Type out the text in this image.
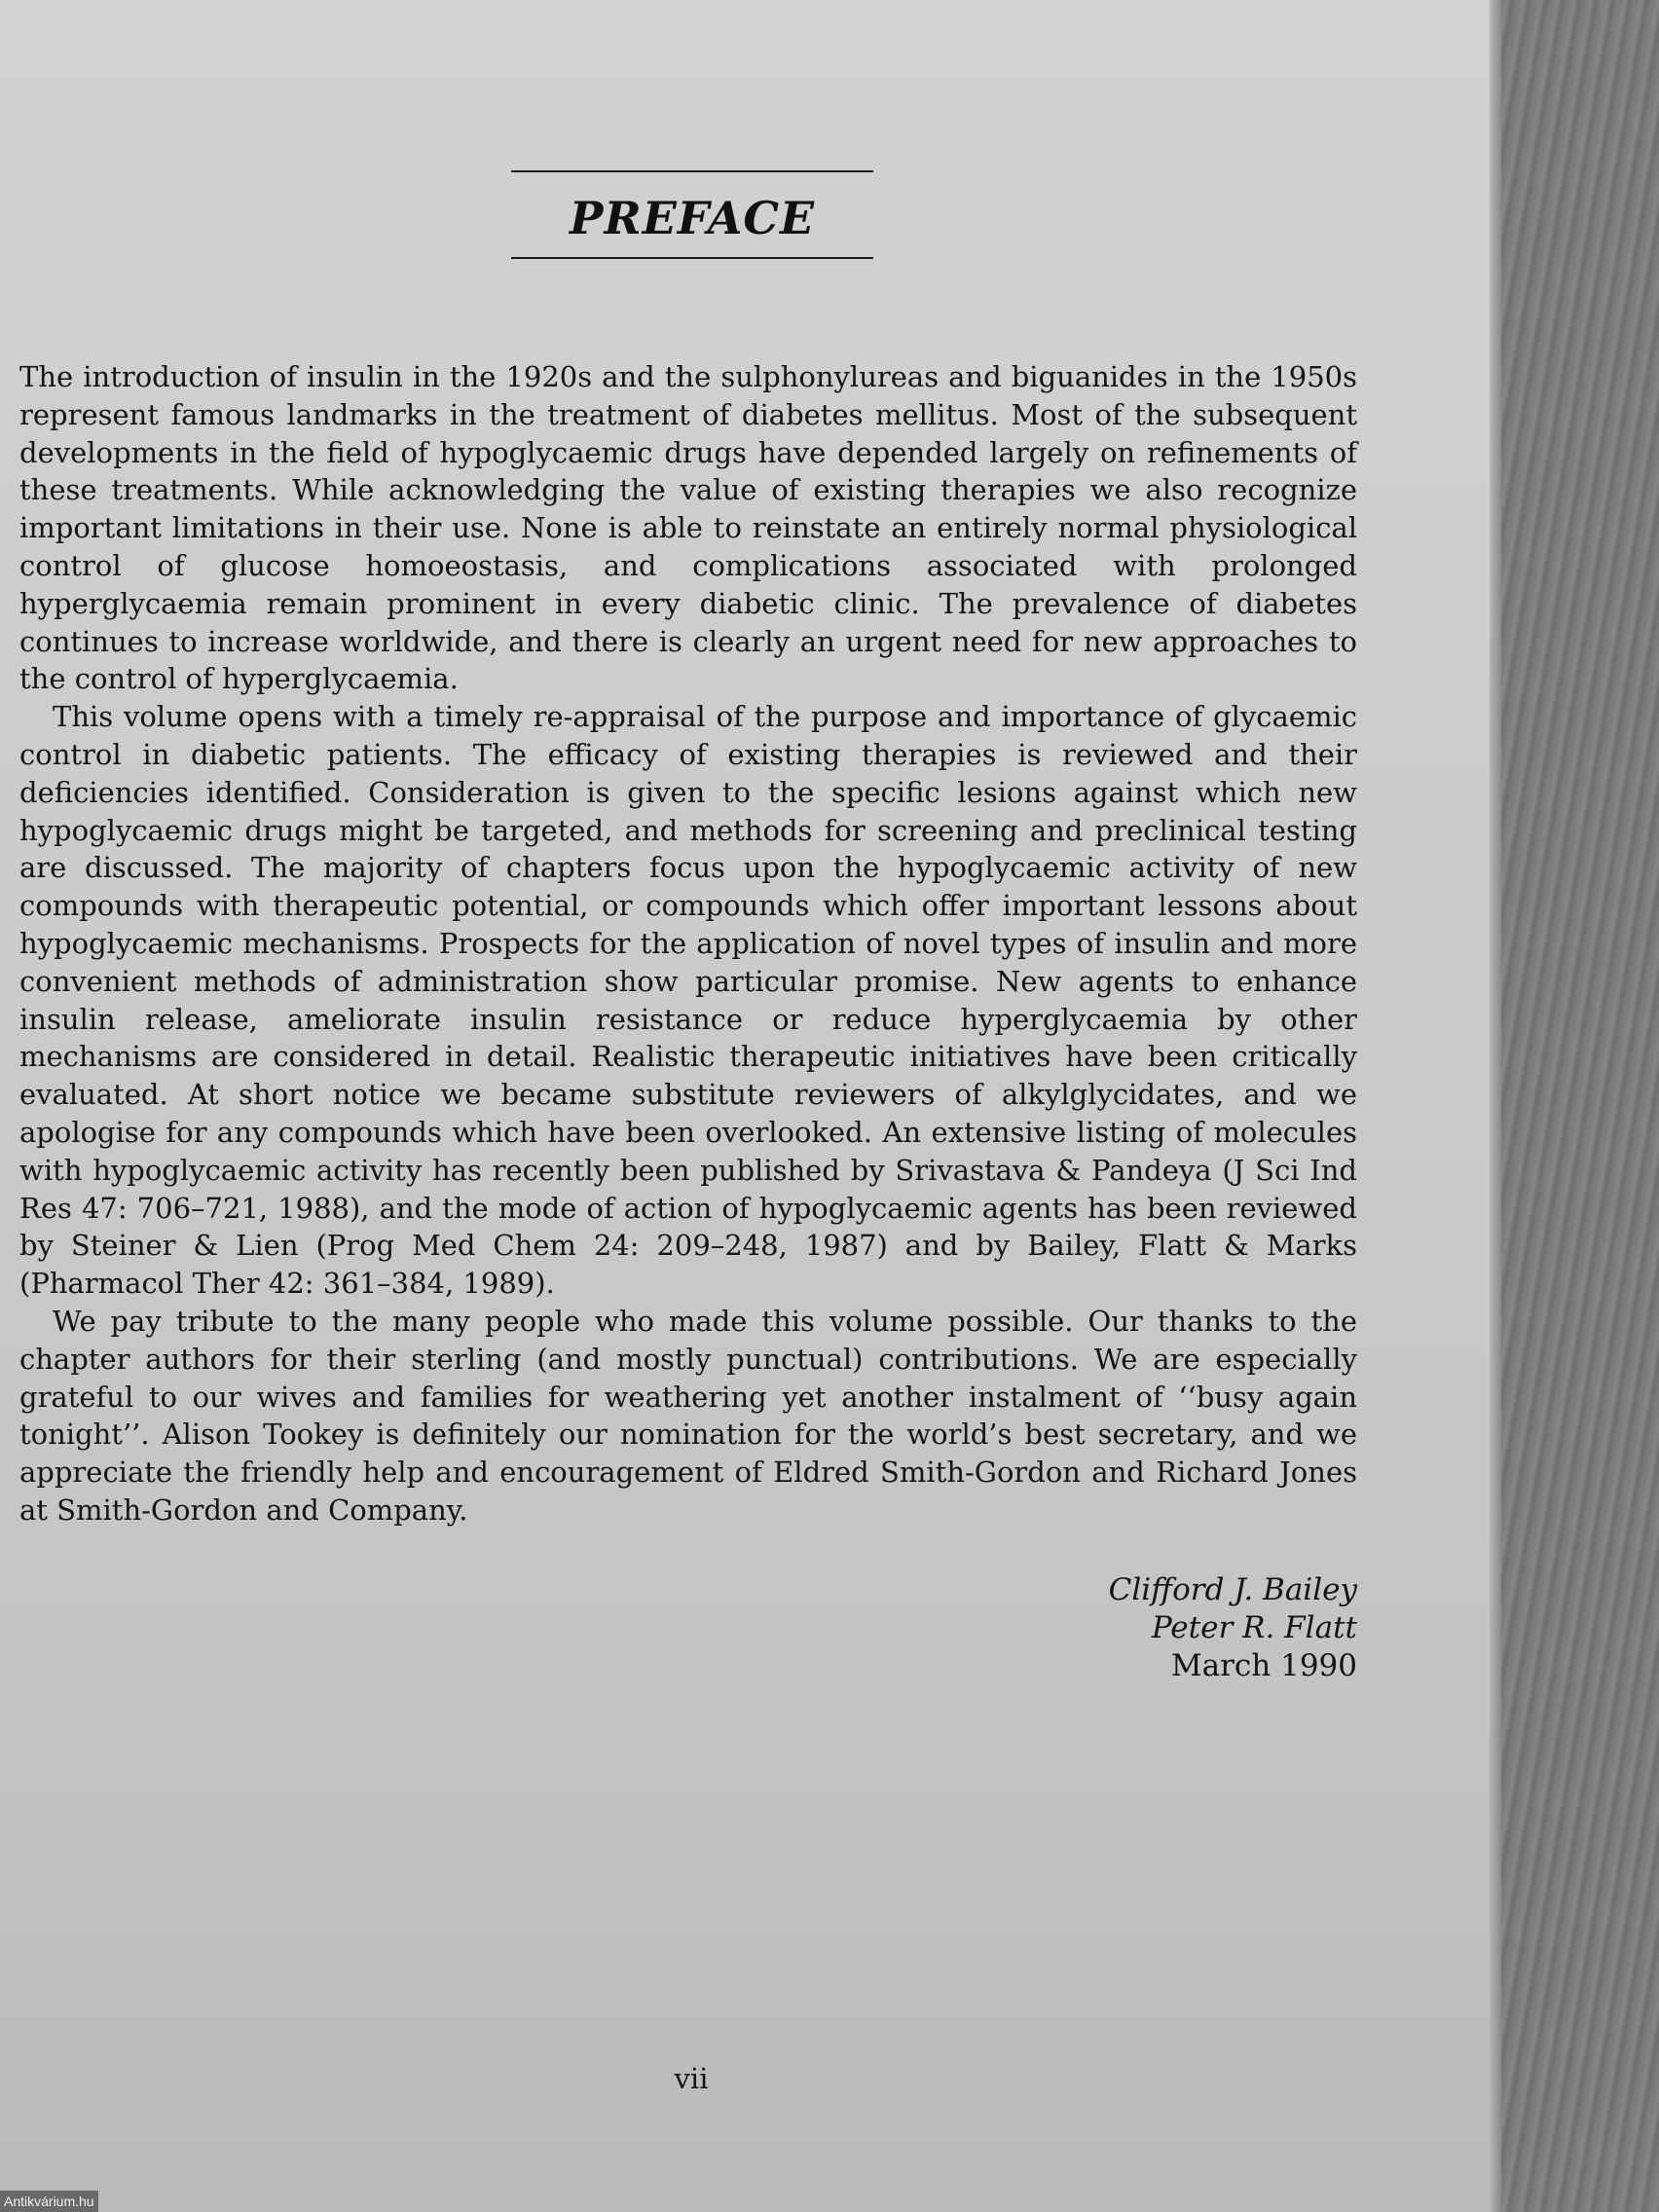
PREFACE

The introduction of insulin in the 1920s and the sulphonylureas and biguanides in the 1950s represent famous landmarks in the treatment of diabetes mellitus. Most of the subsequent developments in the field of hypoglycaemic drugs have depended largely on refinements of these treatments. While acknowledging the value of existing therapies we also recognize important limitations in their use. None is able to reinstate an entirely normal physiological control of glucose homoeostasis, and complications associated with prolonged hyperglycaemia remain prominent in every diabetic clinic. The prevalence of diabetes continues to increase worldwide, and there is clearly an urgent need for new approaches to the control of hyperglycaemia.

This volume opens with a timely re-appraisal of the purpose and importance of glycaemic control in diabetic patients. The efficacy of existing therapies is reviewed and their deficiencies identified. Consideration is given to the specific lesions against which new hypoglycaemic drugs might be targeted, and methods for screening and preclinical testing are discussed. The majority of chapters focus upon the hypoglycaemic activity of new compounds with therapeutic potential, or compounds which offer important lessons about hypoglycaemic mechanisms. Prospects for the application of novel types of insulin and more convenient methods of administration show particular promise. New agents to enhance insulin release, ameliorate insulin resistance or reduce hyperglycaemia by other mechanisms are considered in detail. Realistic therapeutic initiatives have been critically evaluated. At short notice we became substitute reviewers of alkylglycidates, and we apologise for any compounds which have been overlooked. An extensive listing of molecules with hypoglycaemic activity has recently been published by Srivastava & Pandeya (J Sci Ind Res 47: 706–721, 1988), and the mode of action of hypoglycaemic agents has been reviewed by Steiner & Lien (Prog Med Chem 24: 209–248, 1987) and by Bailey, Flatt & Marks (Pharmacol Ther 42: 361–384, 1989).

We pay tribute to the many people who made this volume possible. Our thanks to the chapter authors for their sterling (and mostly punctual) contributions. We are especially grateful to our wives and families for weathering yet another instalment of ‘‘busy again tonight’’. Alison Tookey is definitely our nomination for the world’s best secretary, and we appreciate the friendly help and encouragement of Eldred Smith-Gordon and Richard Jones at Smith-Gordon and Company.

Clifford J. Bailey
Peter R. Flatt
March 1990
vii
Antikvárium.hu
